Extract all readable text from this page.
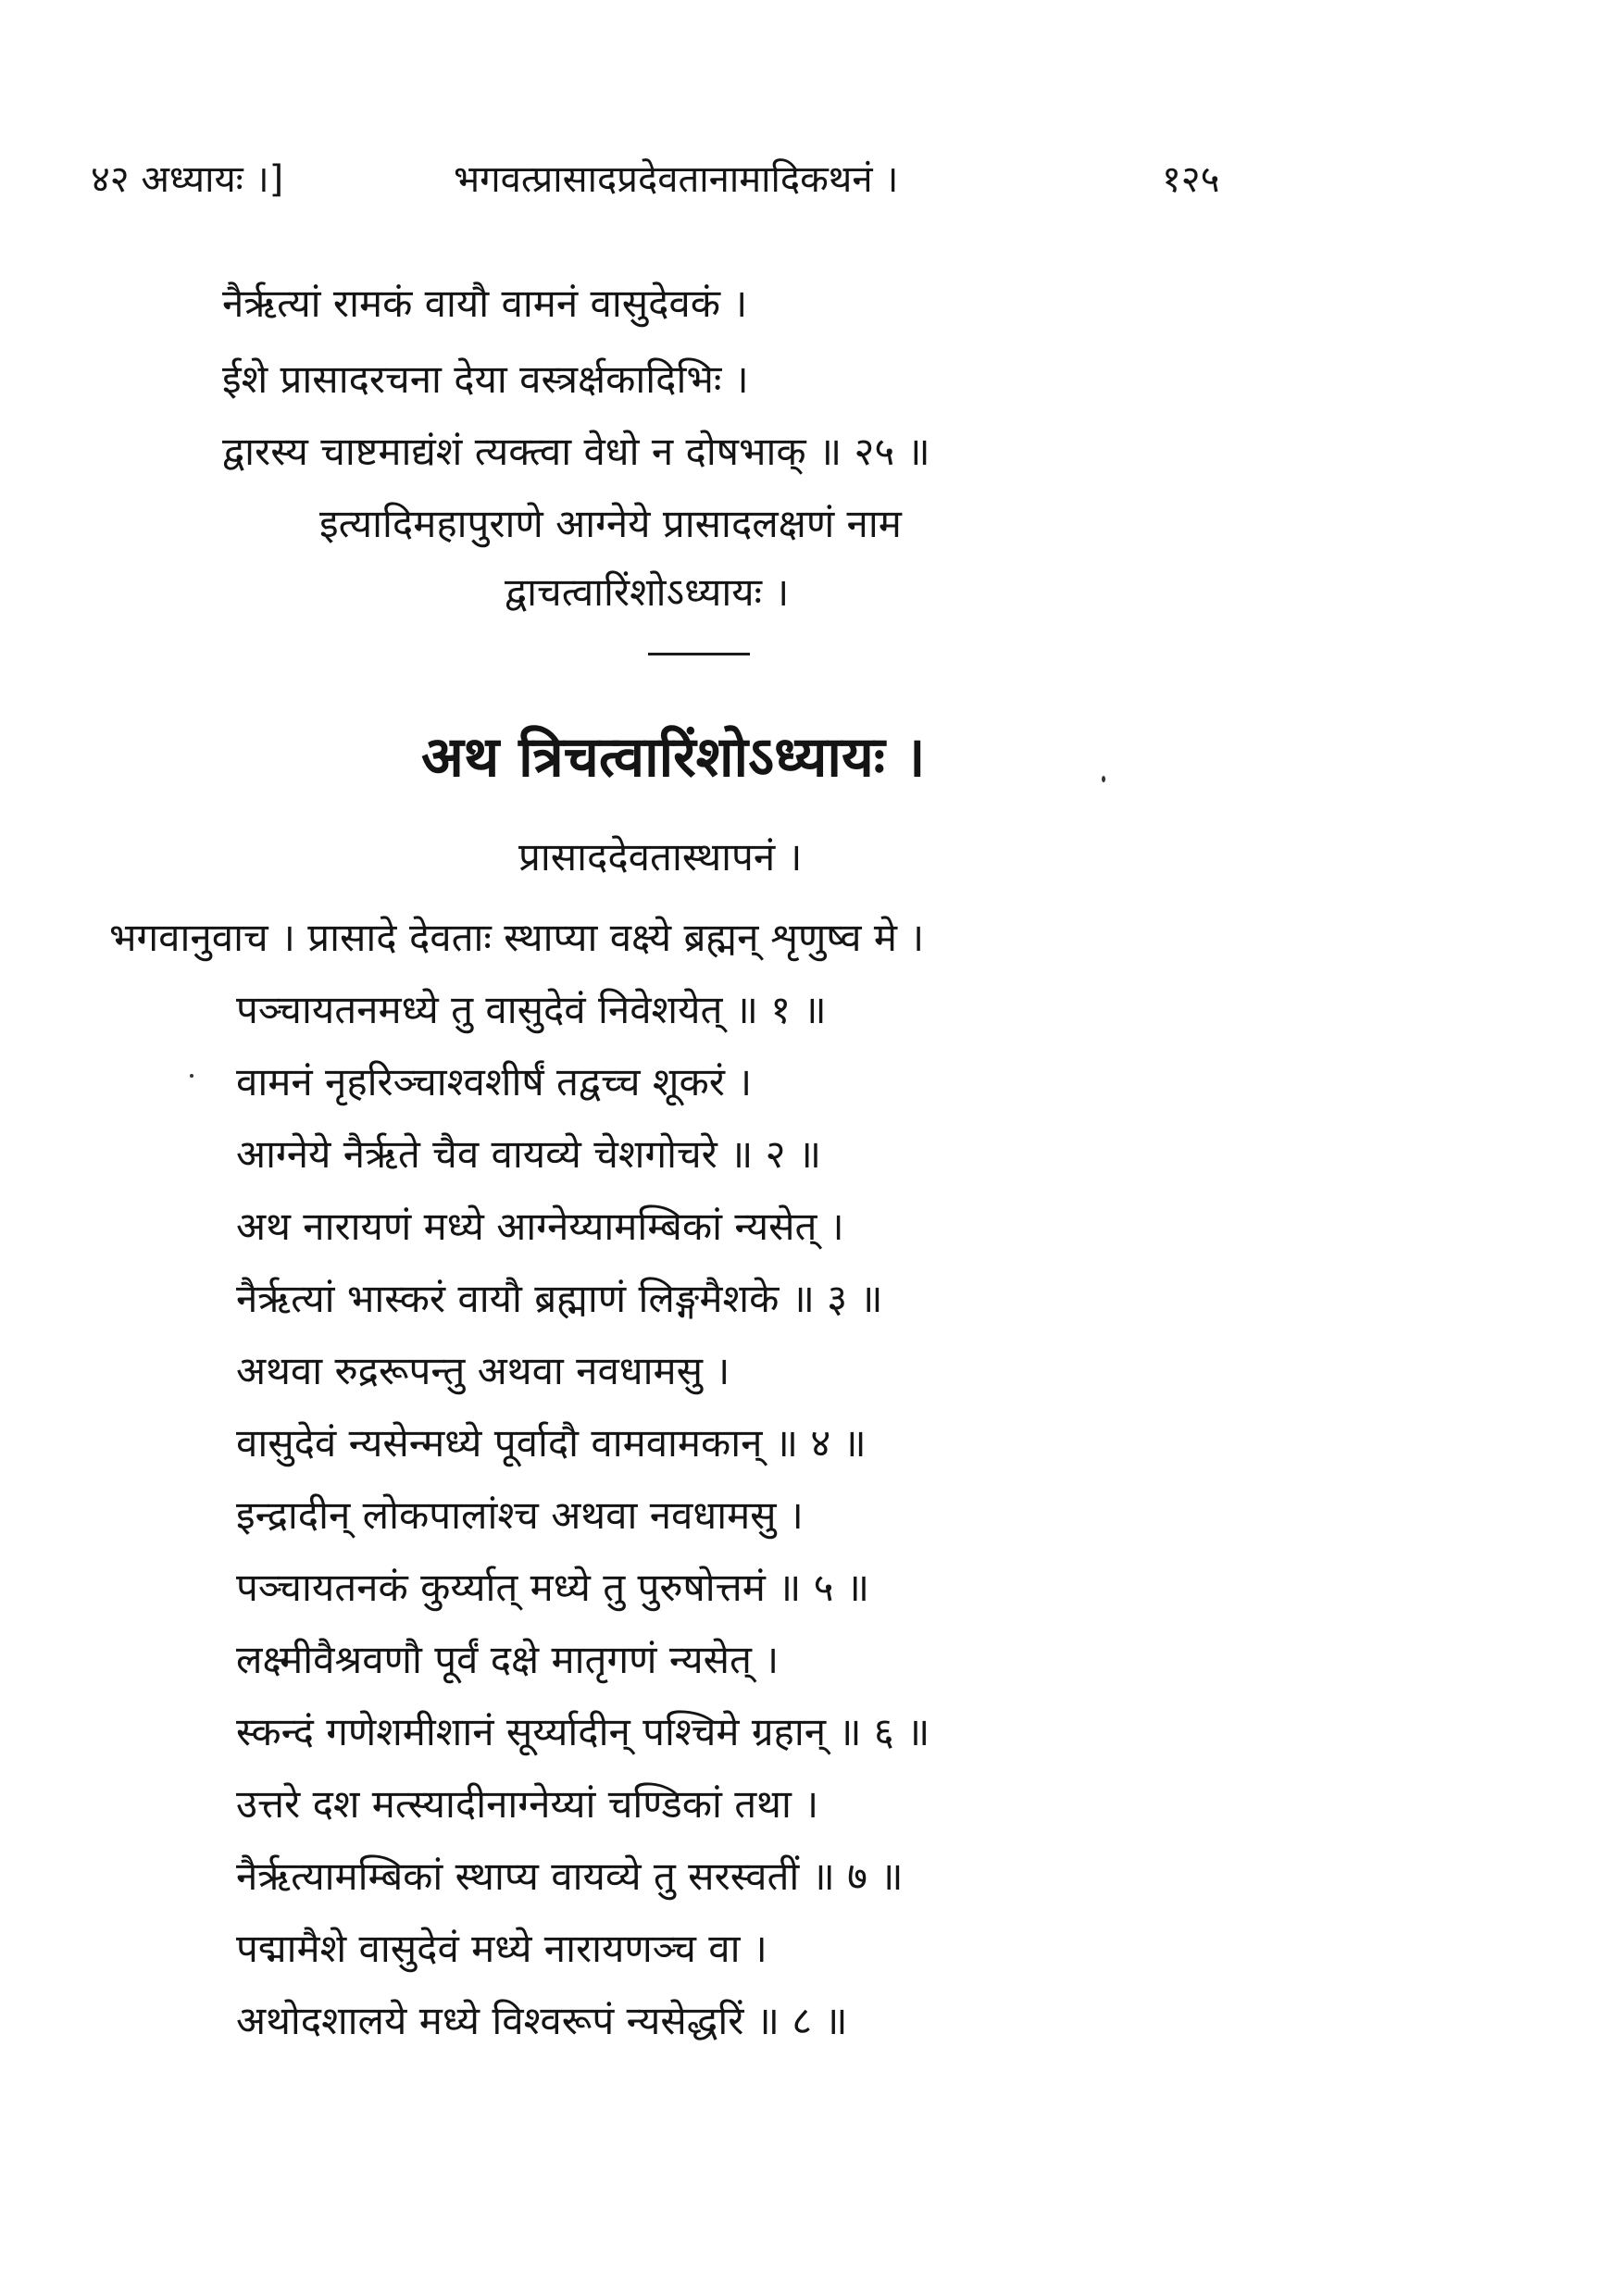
४२ अध्यायः ।]	भगवत्प्रासादप्रदेवतानामादिकथनं ।	१२५
नैर्ऋत्यां रामकं वायौ वामनं वासुदेवकं ।
ईशे प्रासादरचना देया वस्त्रर्क्षकादिभिः ।
द्वारस्य चाष्टमाद्यंशं त्यक्त्वा वेधो न दोषभाक् ॥ २५ ॥
इत्यादिमहापुराणे आग्नेये प्रासादलक्षणं नाम
द्वाचत्वारिंशोऽध्यायः ।
अथ त्रिचत्वारिंशोऽध्यायः ।
प्रासाददेवतास्थापनं ।
भगवानुवाच । प्रासादे देवताः स्थाप्या वक्ष्ये ब्रह्मन् शृणुष्व मे ।
पञ्चायतनमध्ये तु वासुदेवं निवेशयेत् ॥ १ ॥
वामनं नृहरिञ्चाश्वशीर्षं तद्वच्च शूकरं ।
आग्नेये नैर्ऋते चैव वायव्ये चेशगोचरे ॥ २ ॥
अथ नारायणं मध्ये आग्नेय्यामम्बिकां न्यसेत् ।
नैर्ऋत्यां भास्करं वायौ ब्रह्माणं लिङ्गमैशके ॥ ३ ॥
अथवा रुद्ररूपन्तु अथवा नवधामसु ।
वासुदेवं न्यसेन्मध्ये पूर्वादौ वामवामकान् ॥ ४ ॥
इन्द्रादीन् लोकपालांश्च अथवा नवधामसु ।
पञ्चायतनकं कुर्य्यात् मध्ये तु पुरुषोत्तमं ॥ ५ ॥
लक्ष्मीवैश्रवणौ पूर्वं दक्षे मातृगणं न्यसेत् ।
स्कन्दं गणेशमीशानं सूर्य्यादीन् पश्चिमे ग्रहान् ॥ ६ ॥
उत्तरे दश मत्स्यादीनाग्नेय्यां चण्डिकां तथा ।
नैर्ऋत्यामम्बिकां स्थाप्य वायव्ये तु सरस्वतीं ॥ ७ ॥
पद्मामैशे वासुदेवं मध्ये नारायणञ्च वा ।
अथोदशालये मध्ये विश्वरूपं न्यसेद्धरिं ॥ ८ ॥
